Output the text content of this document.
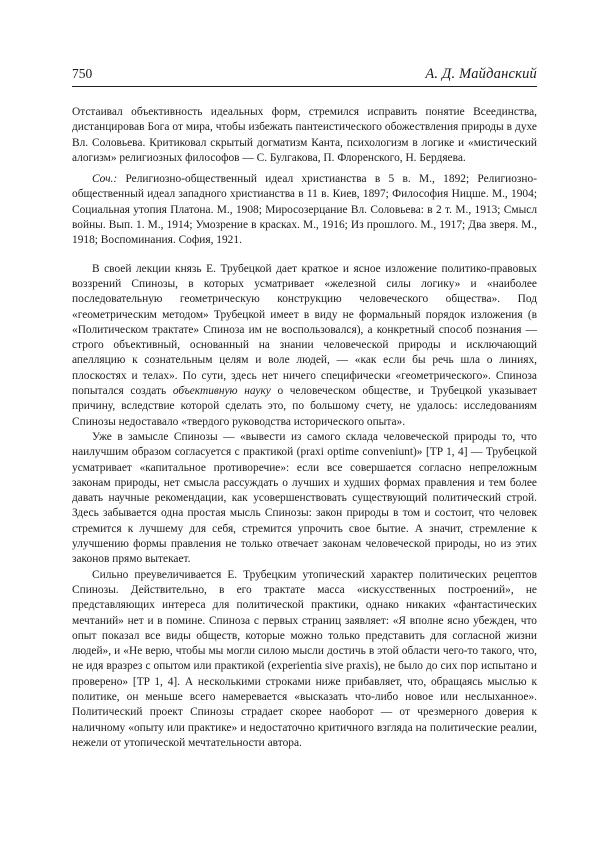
750	А. Д. Майданский

Отстаивал объективность идеальных форм, стремился исправить понятие Всеединства, дистанцировав Бога от мира, чтобы избежать пантеистического обожествления природы в духе Вл. Соловьева. Критиковал скрытый догматизм Канта, психологизм в логике и «мистический алогизм» религиозных философов — С. Булгакова, П. Флоренского, Н. Бердяева.

Соч.: Религиозно-общественный идеал христианства в 5 в. М., 1892; Религиозно-общественный идеал западного христианства в 11 в. Киев, 1897; Философия Ницше. М., 1904; Социальная утопия Платона. М., 1908; Миросозерцание Вл. Соловьева: в 2 т. М., 1913; Смысл войны. Вып. 1. М., 1914; Умозрение в красках. М., 1916; Из прошлого. М., 1917; Два зверя. М., 1918; Воспоминания. София, 1921.

В своей лекции князь Е. Трубецкой дает краткое и ясное изложение политико-правовых воззрений Спинозы, в которых усматривает «железной силы логику» и «наиболее последовательную геометрическую конструкцию человеческого общества». Под «геометрическим методом» Трубецкой имеет в виду не формальный порядок изложения (в «Политическом трактате» Спиноза им не воспользовался), а конкретный способ познания — строго объективный, основанный на знании человеческой природы и исключающий апелляцию к сознательным целям и воле людей, — «как если бы речь шла о линиях, плоскостях и телах». По сути, здесь нет ничего специфически «геометрического». Спиноза попытался создать объективную науку о человеческом обществе, и Трубецкой указывает причину, вследствие которой сделать это, по большому счету, не удалось: исследованиям Спинозы недоставало «твердого руководства исторического опыта».

Уже в замысле Спинозы — «вывести из самого склада человеческой природы то, что наилучшим образом согласуется с практикой (praxi optime conveniunt)» [TP 1, 4] — Трубецкой усматривает «капитальное противоречие»: если все совершается согласно непреложным законам природы, нет смысла рассуждать о лучших и худших формах правления и тем более давать научные рекомендации, как усовершенствовать существующий политический строй. Здесь забывается одна простая мысль Спинозы: закон природы в том и состоит, что человек стремится к лучшему для себя, стремится упрочить свое бытие. А значит, стремление к улучшению формы правления не только отвечает законам человеческой природы, но из этих законов прямо вытекает.

Сильно преувеличивается Е. Трубецким утопический характер политических рецептов Спинозы. Действительно, в его трактате масса «искусственных построений», не представляющих интереса для политической практики, однако никаких «фантастических мечтаний» нет и в помине. Спиноза с первых страниц заявляет: «Я вполне ясно убежден, что опыт показал все виды обществ, которые можно только представить для согласной жизни людей», и «Не верю, чтобы мы могли силою мысли достичь в этой области чего-то такого, что, не идя вразрез с опытом или практикой (experientia sive praxis), не было до сих пор испытано и проверено» [TP 1, 4]. А несколькими строками ниже прибавляет, что, обращаясь мыслью к политике, он меньше всего намеревается «высказать что-либо новое или неслыханное». Политический проект Спинозы страдает скорее наоборот — от чрезмерного доверия к наличному «опыту или практике» и недостаточно критичного взгляда на политические реалии, нежели от утопической мечтательности автора.
